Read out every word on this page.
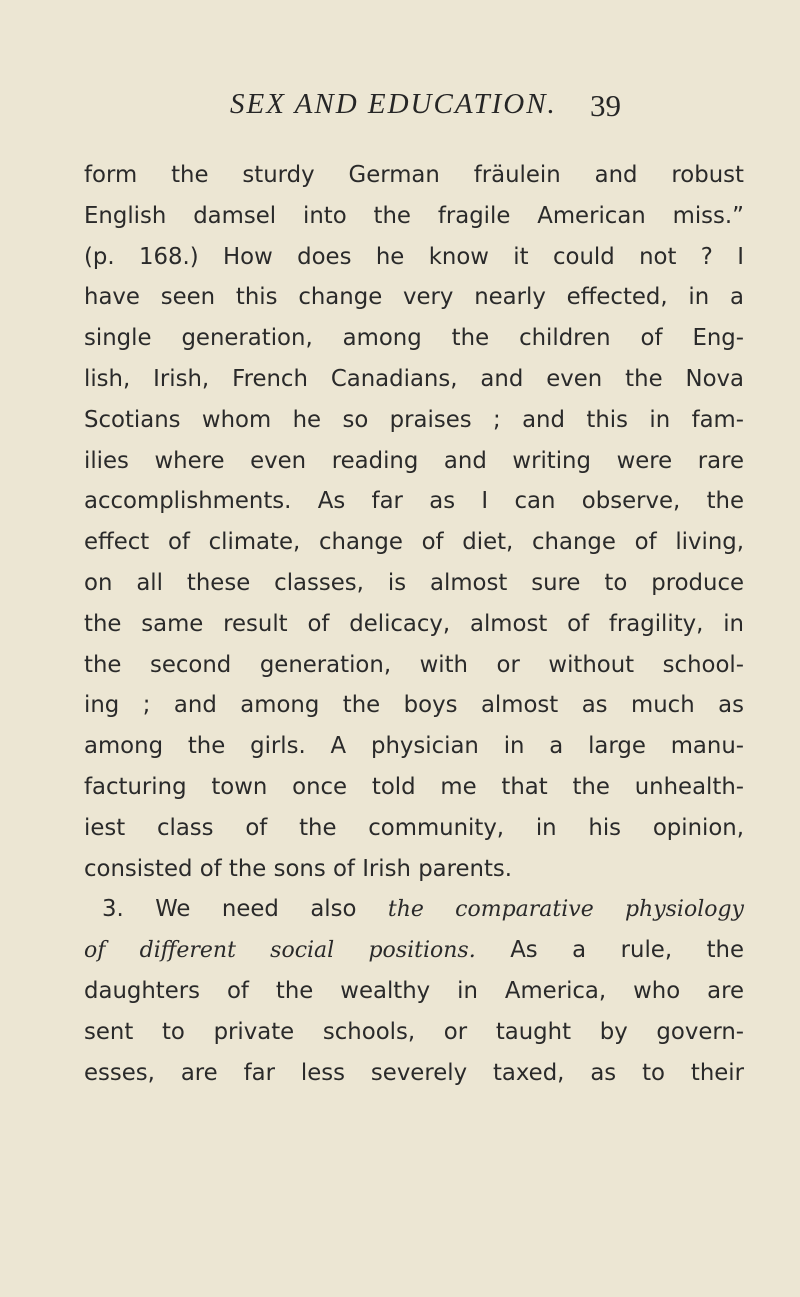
SEX AND EDUCATION. 39
form the sturdy German fräulein and robust
English damsel into the fragile American miss.”
(p. 168.) How does he know it could not ? I
have seen this change very nearly effected, in a
single generation, among the children of Eng-
lish, Irish, French Canadians, and even the Nova
Scotians whom he so praises ; and this in fam-
ilies where even reading and writing were rare
accomplishments. As far as I can observe, the
effect of climate, change of diet, change of living,
on all these classes, is almost sure to produce
the same result of delicacy, almost of fragility, in
the second generation, with or without school-
ing ; and among the boys almost as much as
among the girls. A physician in a large manu-
facturing town once told me that the unhealth-
iest class of the community, in his opinion,
consisted of the sons of Irish parents.
3. We need also the comparative physiology
of different social positions. As a rule, the
daughters of the wealthy in America, who are
sent to private schools, or taught by govern-
esses, are far less severely taxed, as to their
